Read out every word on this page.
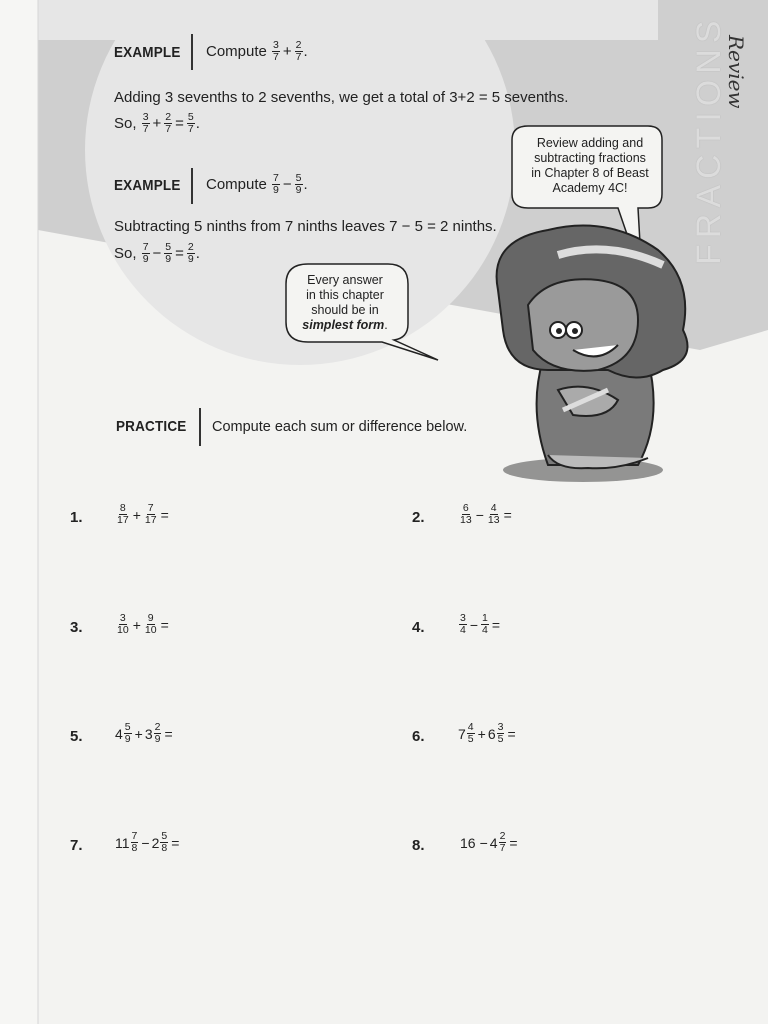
FRACTIONS
Review
EXAMPLE Compute
$\frac{3}{7} + \frac{2}{7}$ .
Adding 3 sevenths to 2 sevenths, we get a total of 3+2 = 5 sevenths.
So,
$\frac{3}{7} + \frac{2}{7} = \frac{5}{7}$ .
EXAMPLE Compute
$\frac{7}{9} - \frac{5}{9}$ .
Subtracting 5 ninths from 7 ninths leaves 7 − 5 = 2 ninths.
So,
$\frac{7}{9} - \frac{5}{9} = \frac{2}{9}$ .
Review adding and
subtracting fractions
in Chapter 8 of Beast
Academy 4C!
Every answer
in this chapter
should be in
simplest form.
PRACTICE Compute each sum or difference below.
1.	$\frac{8}{17} + \frac{7}{17}$ =	2.	$\frac{6}{13} - \frac{4}{13}$ =
3.	$\frac{3}{10} + \frac{9}{10}$ =	4.	$\frac{3}{4} - \frac{1}{4}$ =
5. $4 \frac{5}{9} + 3 \frac{2}{9}$ =	6. $7 \frac{4}{5} + 6 \frac{3}{5}$ =
7. $11 \frac{7}{8} - 2 \frac{5}{8}$ =	8.	$16 - 4 \frac{2}{7}$ =
